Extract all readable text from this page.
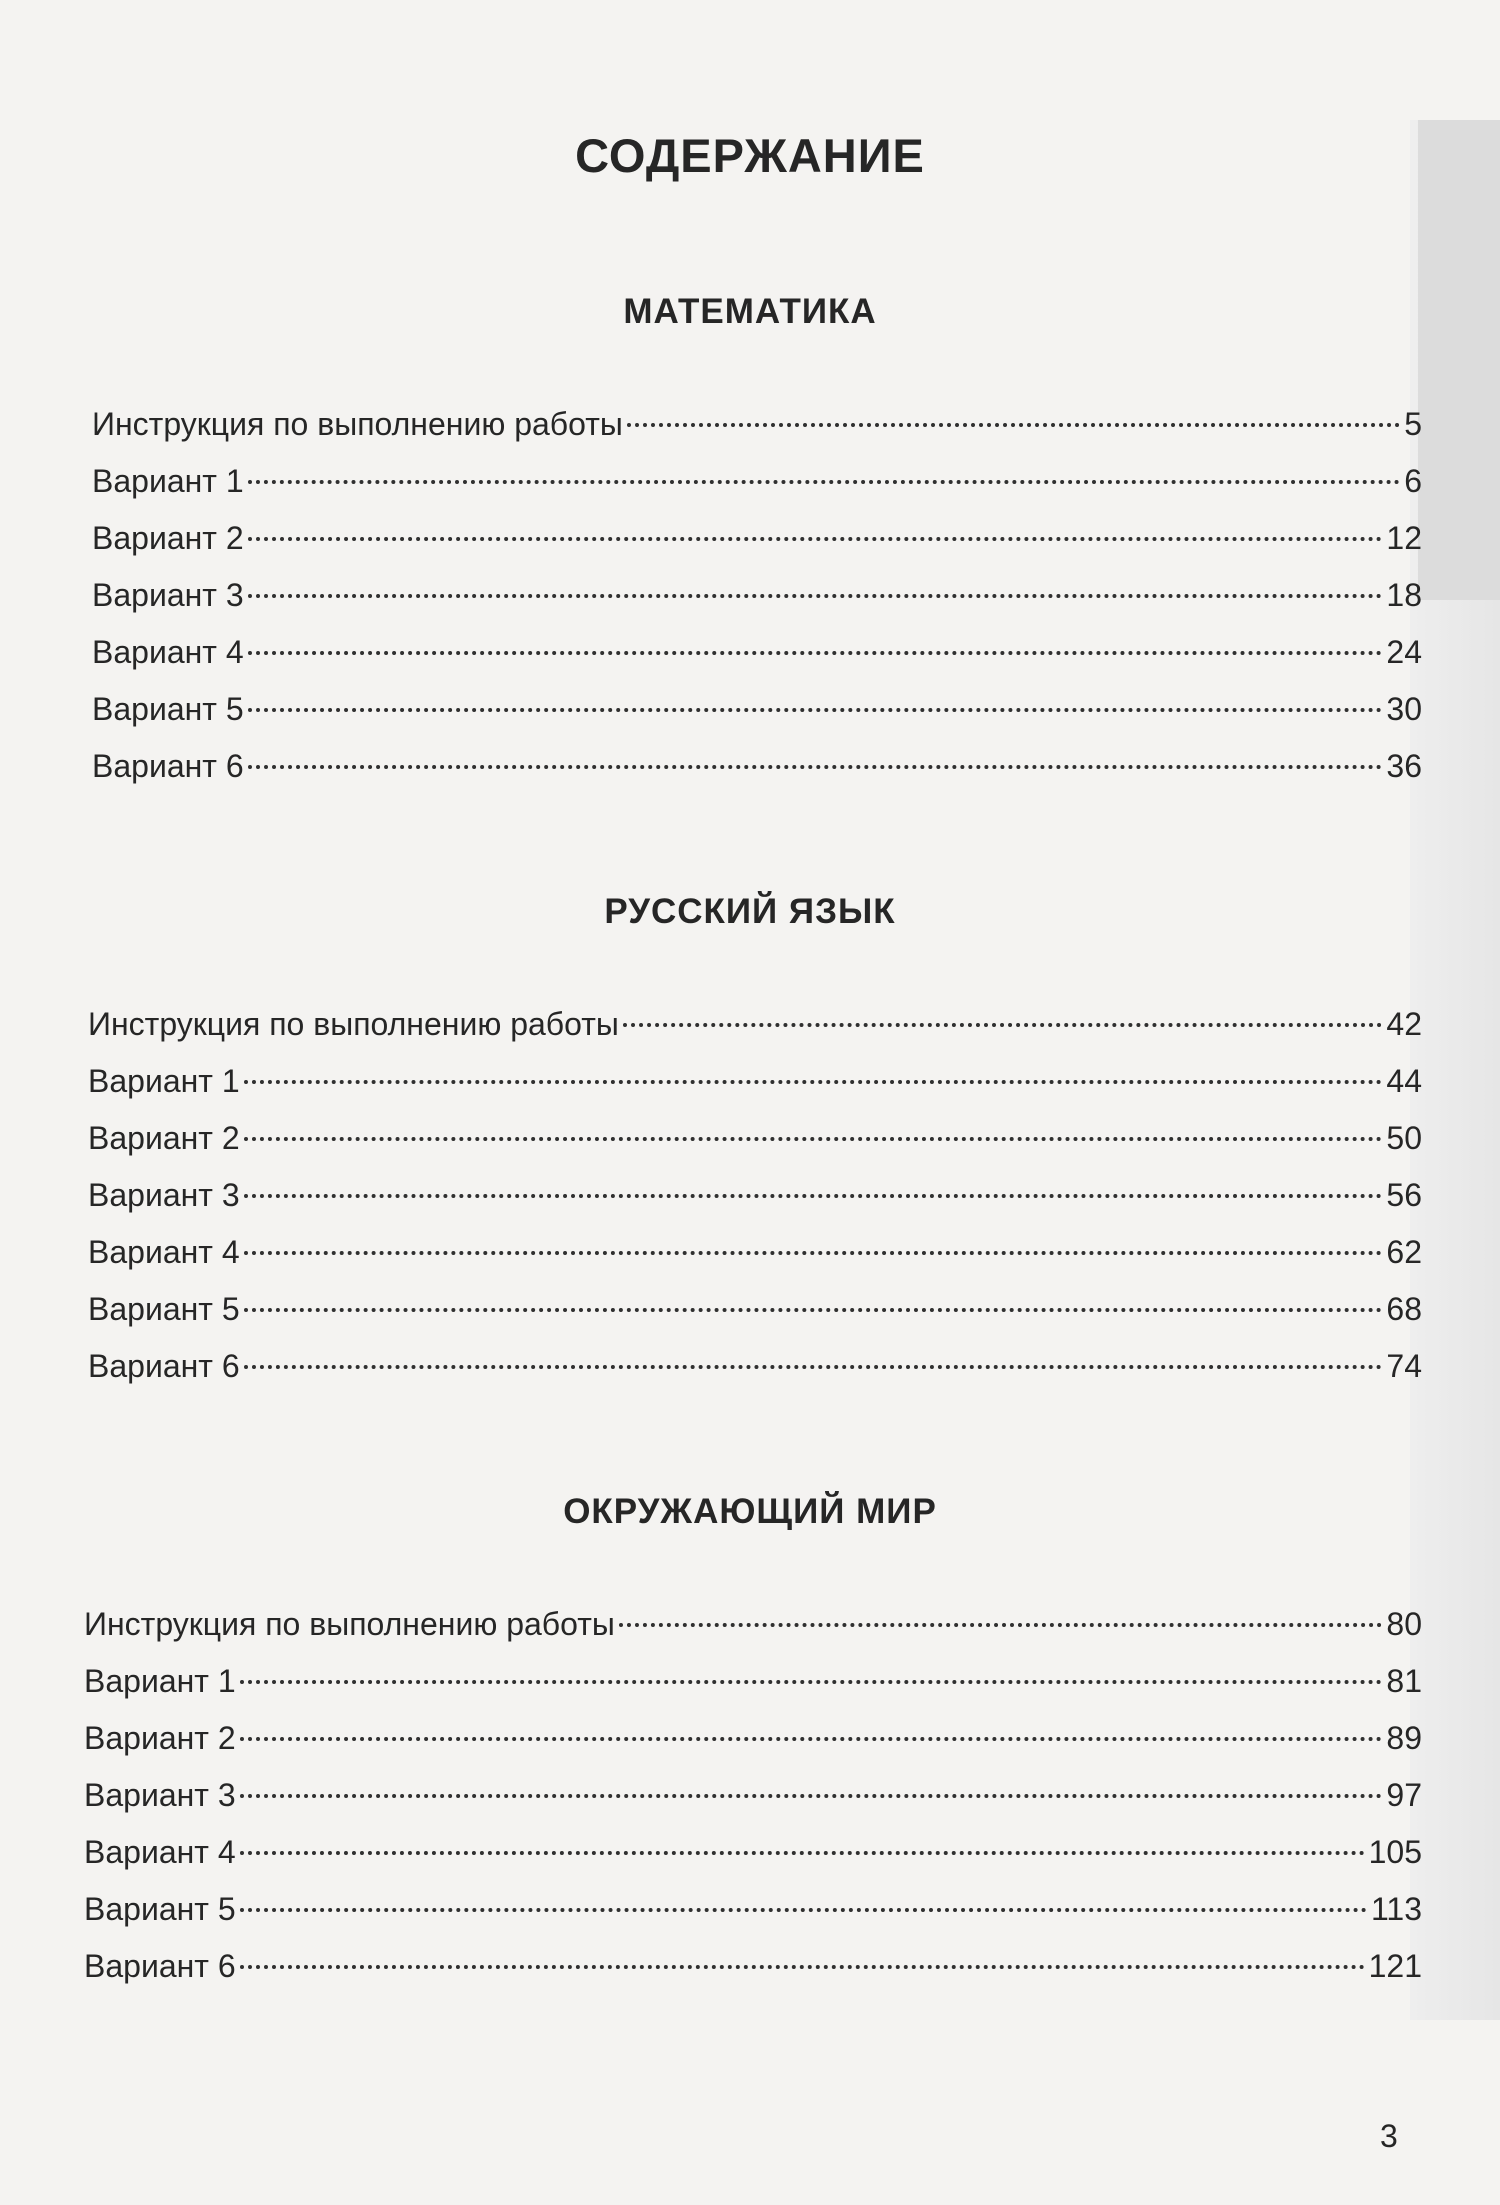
СОДЕРЖАНИЕ
МАТЕМАТИКА
Инструкция по выполнению работы	5
Вариант 1	6
Вариант 2	12
Вариант 3	18
Вариант 4	24
Вариант 5	30
Вариант 6	36
РУССКИЙ ЯЗЫК
Инструкция по выполнению работы	42
Вариант 1	44
Вариант 2	50
Вариант 3	56
Вариант 4	62
Вариант 5	68
Вариант 6	74
ОКРУЖАЮЩИЙ МИР
Инструкция по выполнению работы	80
Вариант 1	81
Вариант 2	89
Вариант 3	97
Вариант 4	105
Вариант 5	113
Вариант 6	121
3
